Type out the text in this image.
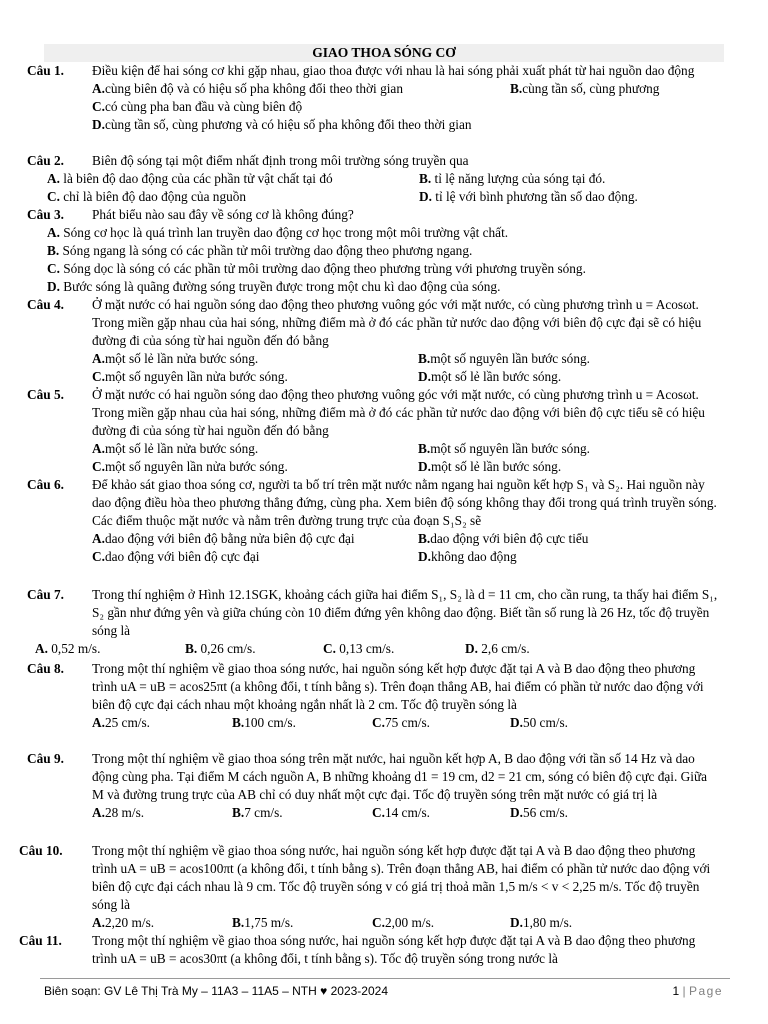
GIAO THOA SÓNG CƠ
Câu 1. Điều kiện để hai sóng cơ khi gặp nhau, giao thoa được với nhau là hai sóng phải xuất phát từ hai nguồn dao động
A.cùng biên độ và có hiệu số pha không đổi theo thời gian	B.cùng tần số, cùng phương
C.có cùng pha ban đầu và cùng biên độ
D.cùng tần số, cùng phương và có hiệu số pha không đổi theo thời gian
Câu 2. Biên độ sóng tại một điểm nhất định trong môi trường sóng truyền qua
A. là biên độ dao động của các phần tử vật chất tại đó	B. tỉ lệ năng lượng của sóng tại đó.
C. chỉ là biên độ dao động của nguồn	D. tỉ lệ với bình phương tần số dao động.
Câu 3. Phát biểu nào sau đây về sóng cơ là không đúng?
A. Sóng cơ học là quá trình lan truyền dao động cơ học trong một môi trường vật chất.
B. Sóng ngang là sóng có các phần tử môi trường dao động theo phương ngang.
C. Sóng dọc là sóng có các phần tử môi trường dao động theo phương trùng với phương truyền sóng.
D. Bước sóng là quãng đường sóng truyền được trong một chu kì dao động của sóng.
Câu 4. Ở mặt nước có hai nguồn sóng dao động theo phương vuông góc với mặt nước, có cùng phương trình u = Acosωt. Trong miền gặp nhau của hai sóng, những điểm mà ở đó các phần tử nước dao động với biên độ cực đại sẽ có hiệu đường đi của sóng từ hai nguồn đến đó bằng
A.một số lẻ lần nửa bước sóng.	B.một số nguyên lần bước sóng.
C.một số nguyên lần nửa bước sóng.	D.một số lẻ lần bước sóng.
Câu 5. Ở mặt nước có hai nguồn sóng dao động theo phương vuông góc với mặt nước, có cùng phương trình u = Acosωt. Trong miền gặp nhau của hai sóng, những điểm mà ở đó các phần tử nước dao động với biên độ cực tiểu sẽ có hiệu đường đi của sóng từ hai nguồn đến đó bằng
A.một số lẻ lần nửa bước sóng.	B.một số nguyên lần bước sóng.
C.một số nguyên lần nửa bước sóng.	D.một số lẻ lần bước sóng.
Câu 6. Để khảo sát giao thoa sóng cơ, người ta bố trí trên mặt nước nằm ngang hai nguồn kết hợp S₁ và S₂. Hai nguồn này dao động điều hòa theo phương thẳng đứng, cùng pha. Xem biên độ sóng không thay đổi trong quá trình truyền sóng. Các điểm thuộc mặt nước và nằm trên đường trung trực của đoạn S₁S₂ sẽ
A.dao động với biên độ bằng nửa biên độ cực đại	B.dao động với biên độ cực tiểu
C.dao động với biên độ cực đại	D.không dao động
Câu 7. Trong thí nghiệm ở Hình 12.1SGK, khoảng cách giữa hai điểm S₁, S₂ là d = 11 cm, cho cần rung, ta thấy hai điểm S₁, S₂ gần như đứng yên và giữa chúng còn 10 điểm đứng yên không dao động. Biết tần số rung là 26 Hz, tốc độ truyền sóng là
A. 0,52 m/s.	B. 0,26 cm/s.	C. 0,13 cm/s.	D. 2,6 cm/s.
Câu 8. Trong một thí nghiệm về giao thoa sóng nước, hai nguồn sóng kết hợp được đặt tại A và B dao động theo phương trình uA = uB = acos25πt (a không đổi, t tính bằng s). Trên đoạn thẳng AB, hai điểm có phần tử nước dao động với biên độ cực đại cách nhau một khoảng ngắn nhất là 2 cm. Tốc độ truyền sóng là
A.25 cm/s.	B.100 cm/s.	C.75 cm/s.	D.50 cm/s.
Câu 9. Trong một thí nghiệm về giao thoa sóng trên mặt nước, hai nguồn kết hợp A, B dao động với tần số 14 Hz và dao động cùng pha. Tại điểm M cách nguồn A, B những khoảng d1 = 19 cm, d2 = 21 cm, sóng có biên độ cực đại. Giữa M và đường trung trực của AB chỉ có duy nhất một cực đại. Tốc độ truyền sóng trên mặt nước có giá trị là
A.28 m/s.	B.7 cm/s.	C.14 cm/s.	D.56 cm/s.
Câu 10. Trong một thí nghiệm về giao thoa sóng nước, hai nguồn sóng kết hợp được đặt tại A và B dao động theo phương trình uA = uB = acos100πt (a không đổi, t tính bằng s). Trên đoạn thẳng AB, hai điểm có phần tử nước dao động với biên độ cực đại cách nhau là 9 cm. Tốc độ truyền sóng v có giá trị thoả mãn 1,5 m/s < v < 2,25 m/s. Tốc độ truyền sóng là
A.2,20 m/s.	B.1,75 m/s.	C.2,00 m/s.	D.1,80 m/s.
Câu 11. Trong một thí nghiệm về giao thoa sóng nước, hai nguồn sóng kết hợp được đặt tại A và B dao động theo phương trình uA = uB = acos30πt (a không đổi, t tính bằng s). Tốc độ truyền sóng trong nước là
Biên soạn: GV Lê Thị Trà My – 11A3 – 11A5 – NTH ♥ 2023-2024	1 | Page
